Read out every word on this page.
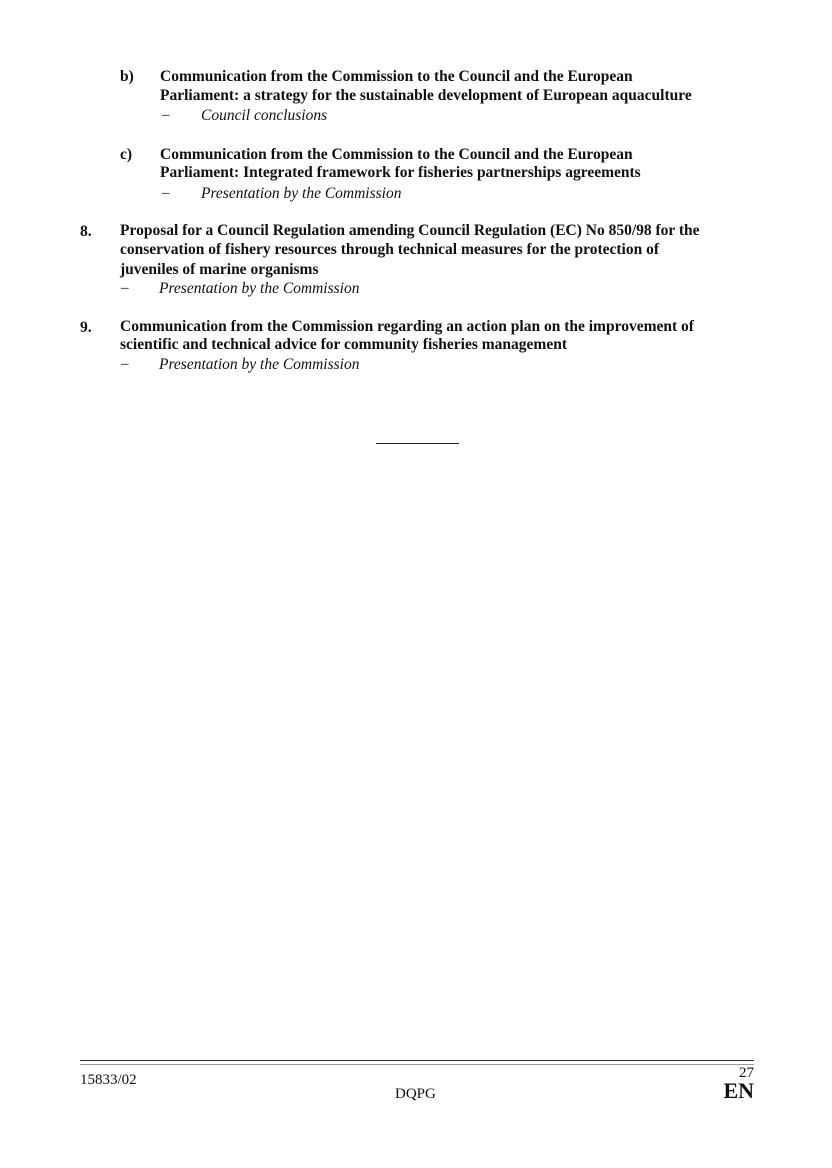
b) Communication from the Commission to the Council and the European
Parliament: a strategy for the sustainable development of European aquaculture
– Council conclusions
c) Communication from the Commission to the Council and the European
Parliament: Integrated framework for fisheries partnerships agreements
– Presentation by the Commission
8. Proposal for a Council Regulation amending Council Regulation (EC) No 850/98 for the
conservation of fishery resources through technical measures for the protection of
juveniles of marine organisms
– Presentation by the Commission
9. Communication from the Commission regarding an action plan on the improvement of
scientific and technical advice for community fisheries management
– Presentation by the Commission
15833/02
DQPG
27
EN
